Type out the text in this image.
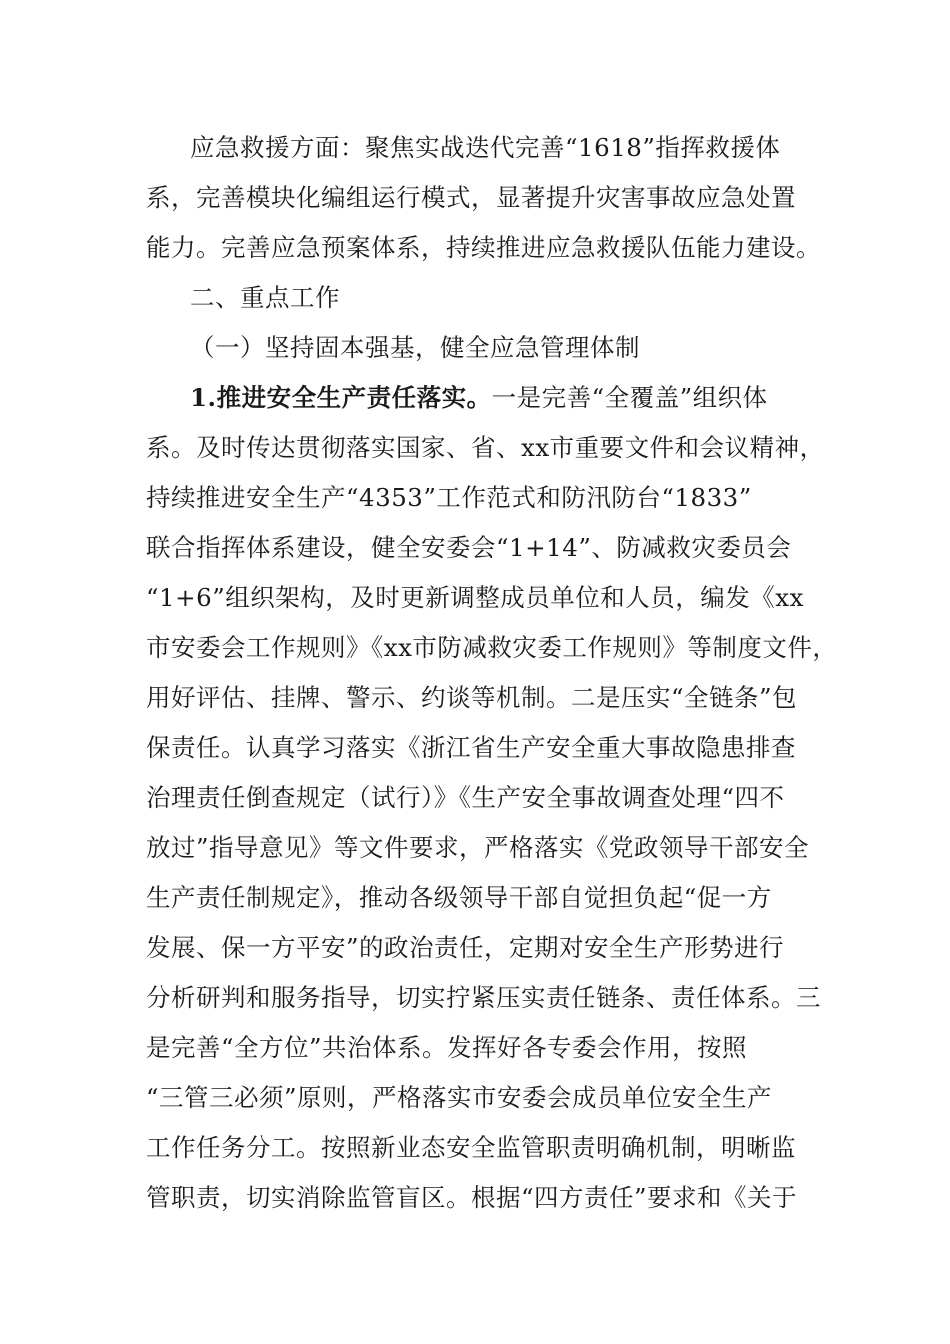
应急救援方面：聚焦实战迭代完善“1618”指挥救援体
系，完善模块化编组运行模式，显著提升灾害事故应急处置
能力。完善应急预案体系，持续推进应急救援队伍能力建设。
二、重点工作
（一）坚持固本强基，健全应急管理体制
1.推进安全生产责任落实。一是完善“全覆盖”组织体
系。及时传达贯彻落实国家、省、xx市重要文件和会议精神，
持续推进安全生产“4353”工作范式和防汛防台“1833”
联合指挥体系建设，健全安委会“1+14”、防减救灾委员会
“1+6”组织架构，及时更新调整成员单位和人员，编发《xx
市安委会工作规则》《xx市防减救灾委工作规则》等制度文件，
用好评估、挂牌、警示、约谈等机制。二是压实“全链条”包
保责任。认真学习落实《浙江省生产安全重大事故隐患排查
治理责任倒查规定（试行）》《生产安全事故调查处理“四不
放过”指导意见》等文件要求，严格落实《党政领导干部安全
生产责任制规定》，推动各级领导干部自觉担负起“促一方
发展、保一方平安”的政治责任，定期对安全生产形势进行
分析研判和服务指导，切实拧紧压实责任链条、责任体系。三
是完善“全方位”共治体系。发挥好各专委会作用，按照
“三管三必须”原则，严格落实市安委会成员单位安全生产
工作任务分工。按照新业态安全监管职责明确机制，明晰监
管职责，切实消除监管盲区。根据“四方责任”要求和《关于
